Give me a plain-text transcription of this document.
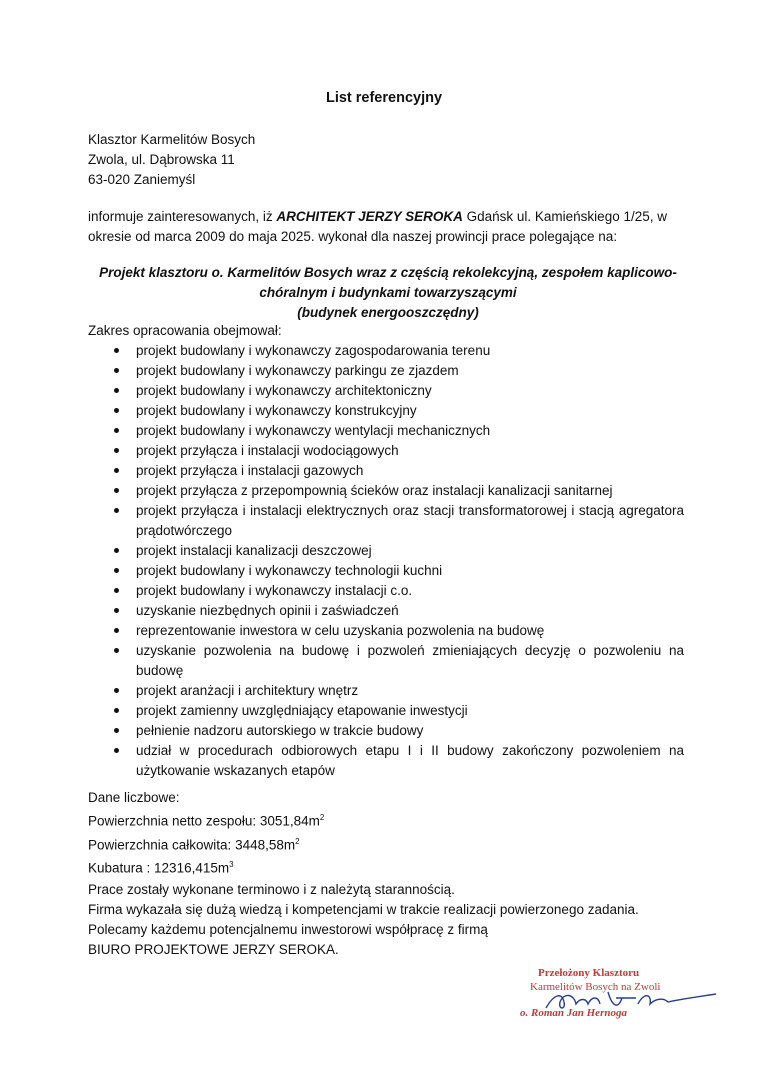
List referencyjny
Klasztor Karmelitów Bosych
Zwola, ul. Dąbrowska 11
63-020 Zaniemyśl
informuje zainteresowanych, iż ARCHITEKT JERZY SEROKA Gdańsk ul. Kamieńskiego 1/25, w okresie od marca 2009 do maja 2025. wykonał dla naszej prowincji prace polegające na:
Projekt klasztoru o. Karmelitów Bosych wraz z częścią rekolekcyjną, zespołem kaplicowo-
chóralnym i budynkami towarzyszącymi
(budynek energooszczędny)
Zakres opracowania obejmował:
projekt budowlany i wykonawczy zagospodarowania terenu
projekt budowlany i wykonawczy parkingu ze zjazdem
projekt budowlany i wykonawczy architektoniczny
projekt budowlany i wykonawczy konstrukcyjny
projekt budowlany i wykonawczy wentylacji mechanicznych
projekt przyłącza i instalacji wodociągowych
projekt przyłącza i instalacji gazowych
projekt przyłącza z przepompownią ścieków oraz instalacji kanalizacji sanitarnej
projekt przyłącza i instalacji elektrycznych oraz stacji transformatorowej i stacją agregatora prądotwórczego
projekt instalacji kanalizacji deszczowej
projekt budowlany i wykonawczy technologii kuchni
projekt budowlany i wykonawczy instalacji c.o.
uzyskanie niezbędnych opinii i zaświadczeń
reprezentowanie inwestora w celu uzyskania pozwolenia na budowę
uzyskanie pozwolenia na budowę i pozwoleń zmieniających decyzję o pozwoleniu na budowę
projekt aranżacji i architektury wnętrz
projekt zamienny uwzględniający etapowanie inwestycji
pełnienie nadzoru autorskiego w trakcie budowy
udział w procedurach odbiorowych etapu I i II budowy zakończony pozwoleniem na użytkowanie wskazanych etapów
Dane liczbowe:
Powierzchnia netto zespołu: $3051,84m^2$
Powierzchnia całkowita: $3448,58m^2$
Kubatura : $12316,415m^3$
Prace zostały wykonane terminowo i z należytą starannością.
Firma wykazała się dużą wiedzą i kompetencjami w trakcie realizacji powierzonego zadania.
Polecamy każdemu potencjalnemu inwestorowi współpracę z firmą
BIURO PROJEKTOWE JERZY SEROKA.
Przełożony Klasztoru
Karmelitów Bosych na Zwoli
o. Roman Jan Hernoga
